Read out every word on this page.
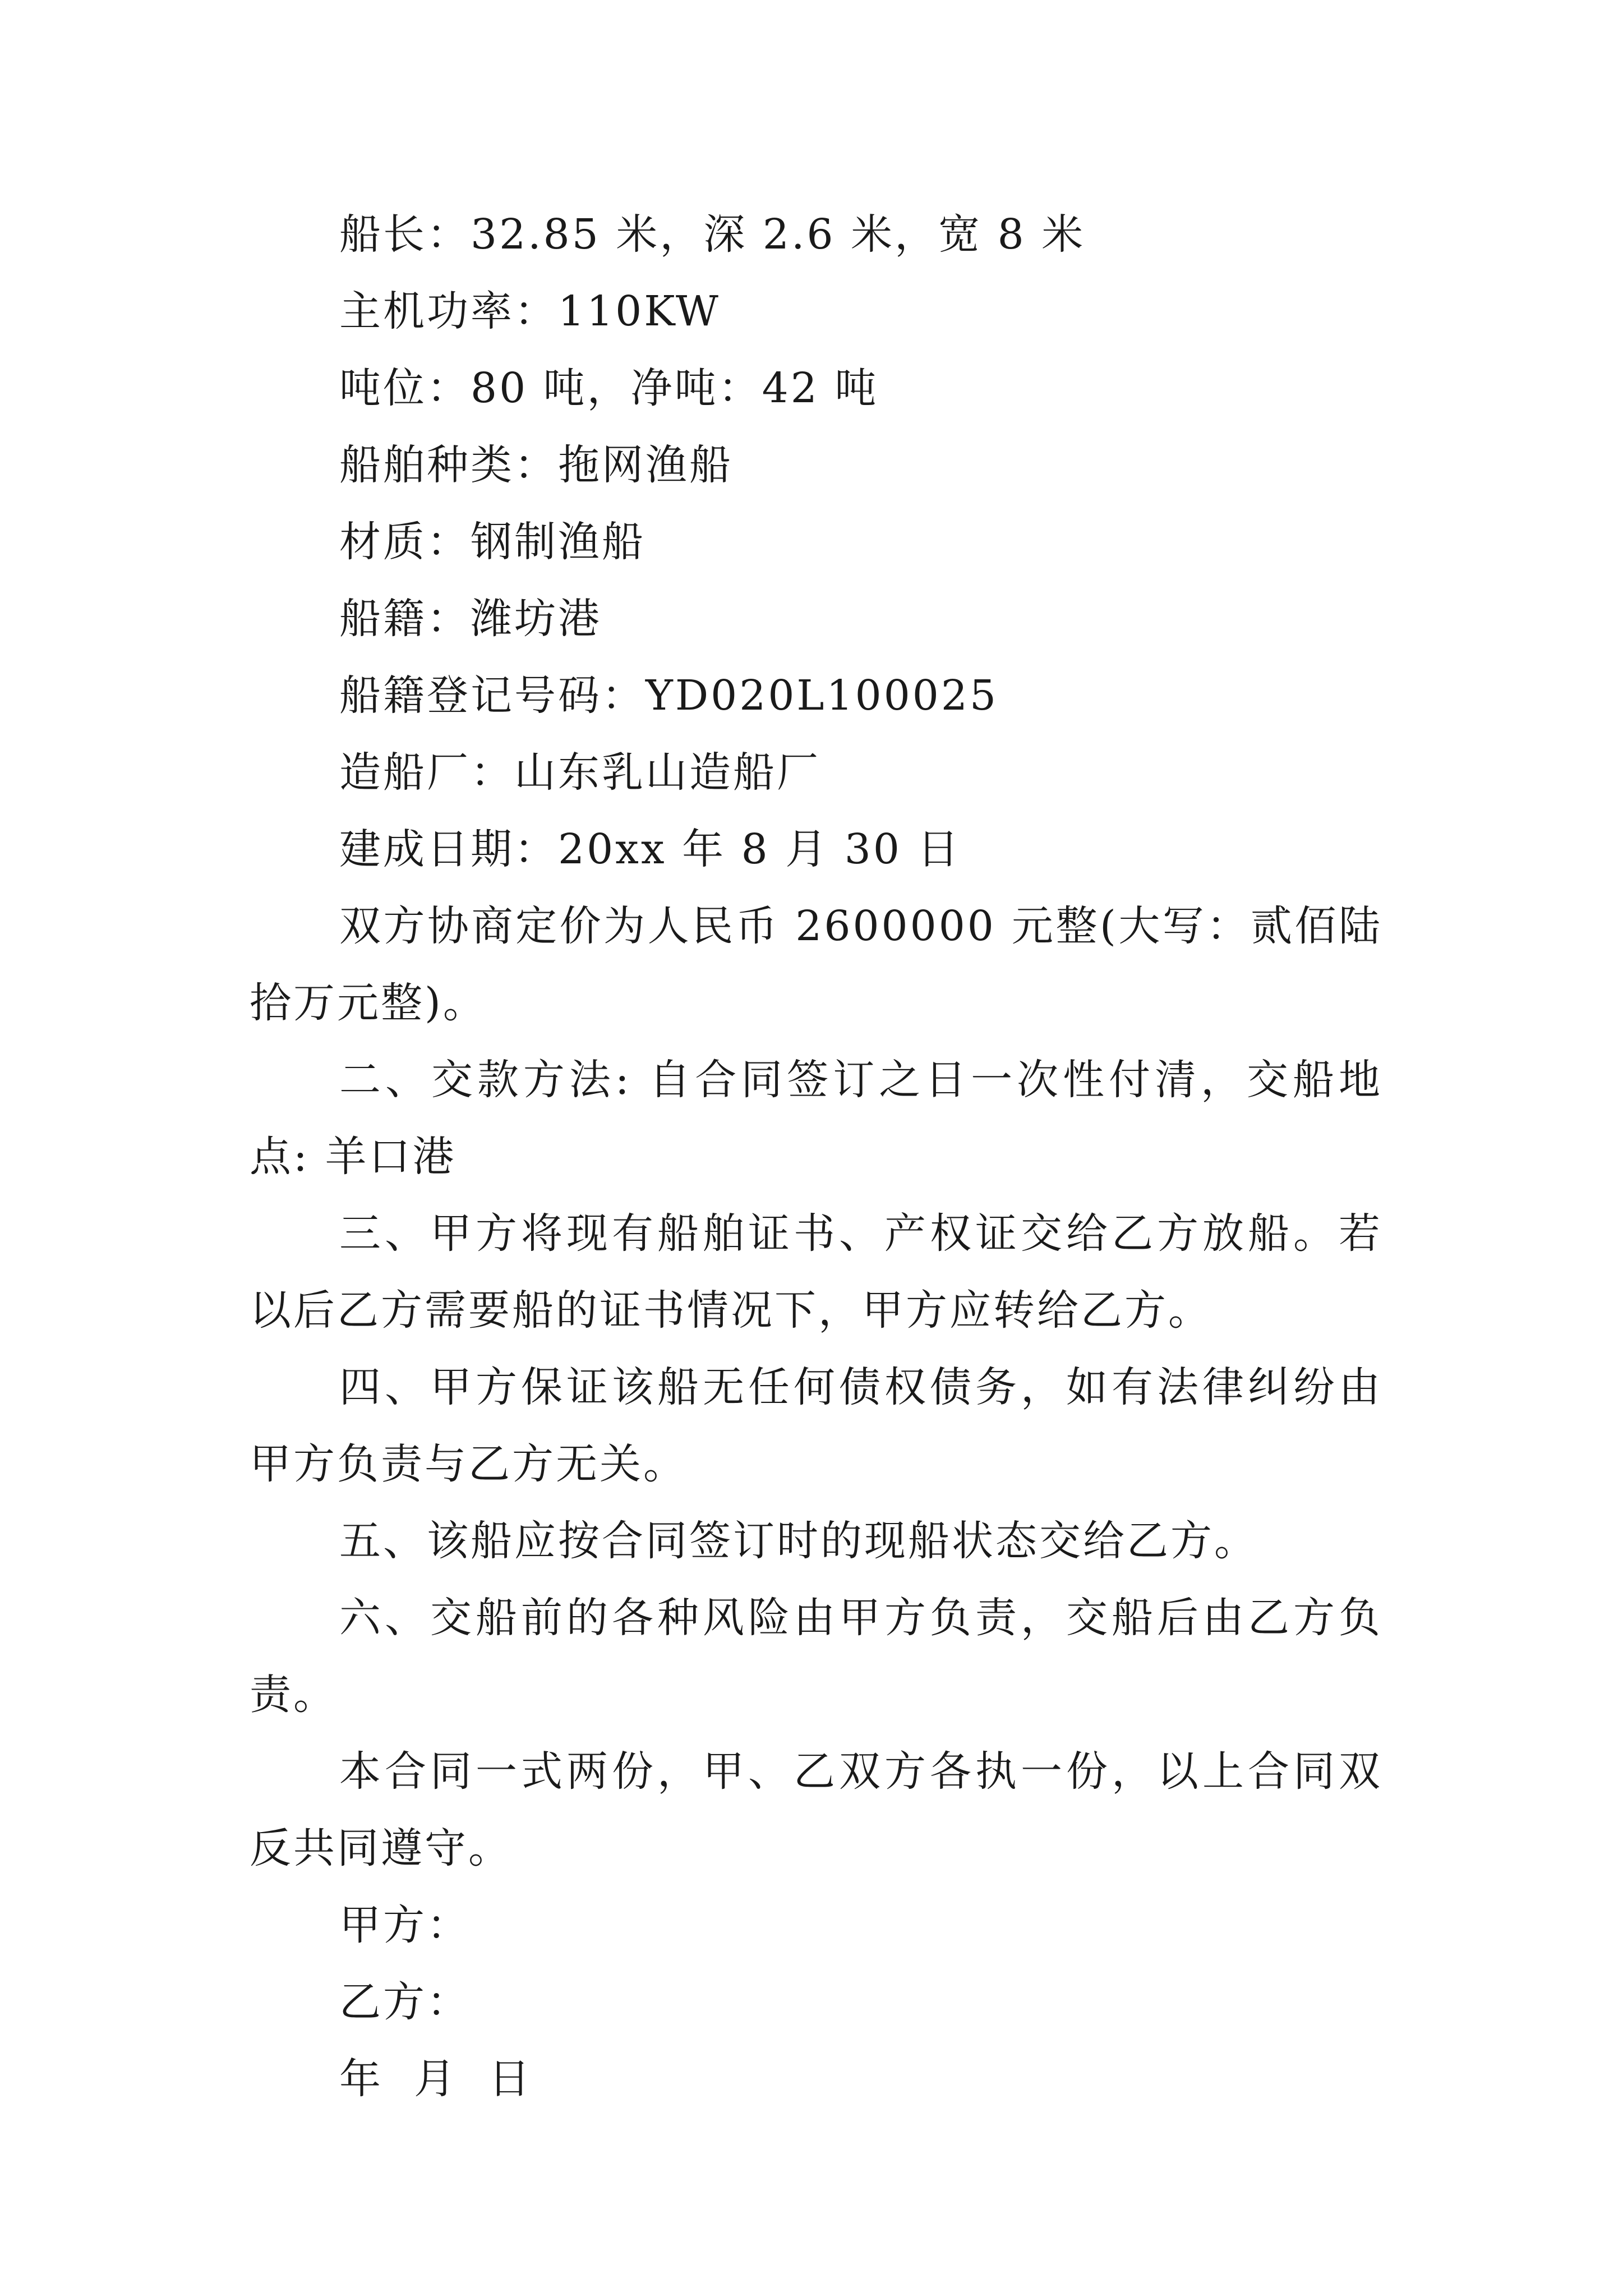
船长：32.85 米，深 2.6 米，宽 8 米

主机功率：110KW

吨位：80 吨，净吨：42 吨

船舶种类：拖网渔船

材质：钢制渔船

船籍：潍坊港

船籍登记号码：YD020L100025

造船厂：山东乳山造船厂

建成日期：20xx 年 8 月 30 日

双方协商定价为人民币 2600000 元整(大写：贰佰陆拾万元整)。

二、交款方法: 自合同签订之日一次性付清，交船地点: 羊口港

三、甲方将现有船舶证书、产权证交给乙方放船。若以后乙方需要船的证书情况下，甲方应转给乙方。

四、甲方保证该船无任何债权债务，如有法律纠纷由甲方负责与乙方无关。

五、该船应按合同签订时的现船状态交给乙方。

六、交船前的各种风险由甲方负责，交船后由乙方负责。

本合同一式两份，甲、乙双方各执一份，以上合同双反共同遵守。

甲方：

乙方：

年  月  日
